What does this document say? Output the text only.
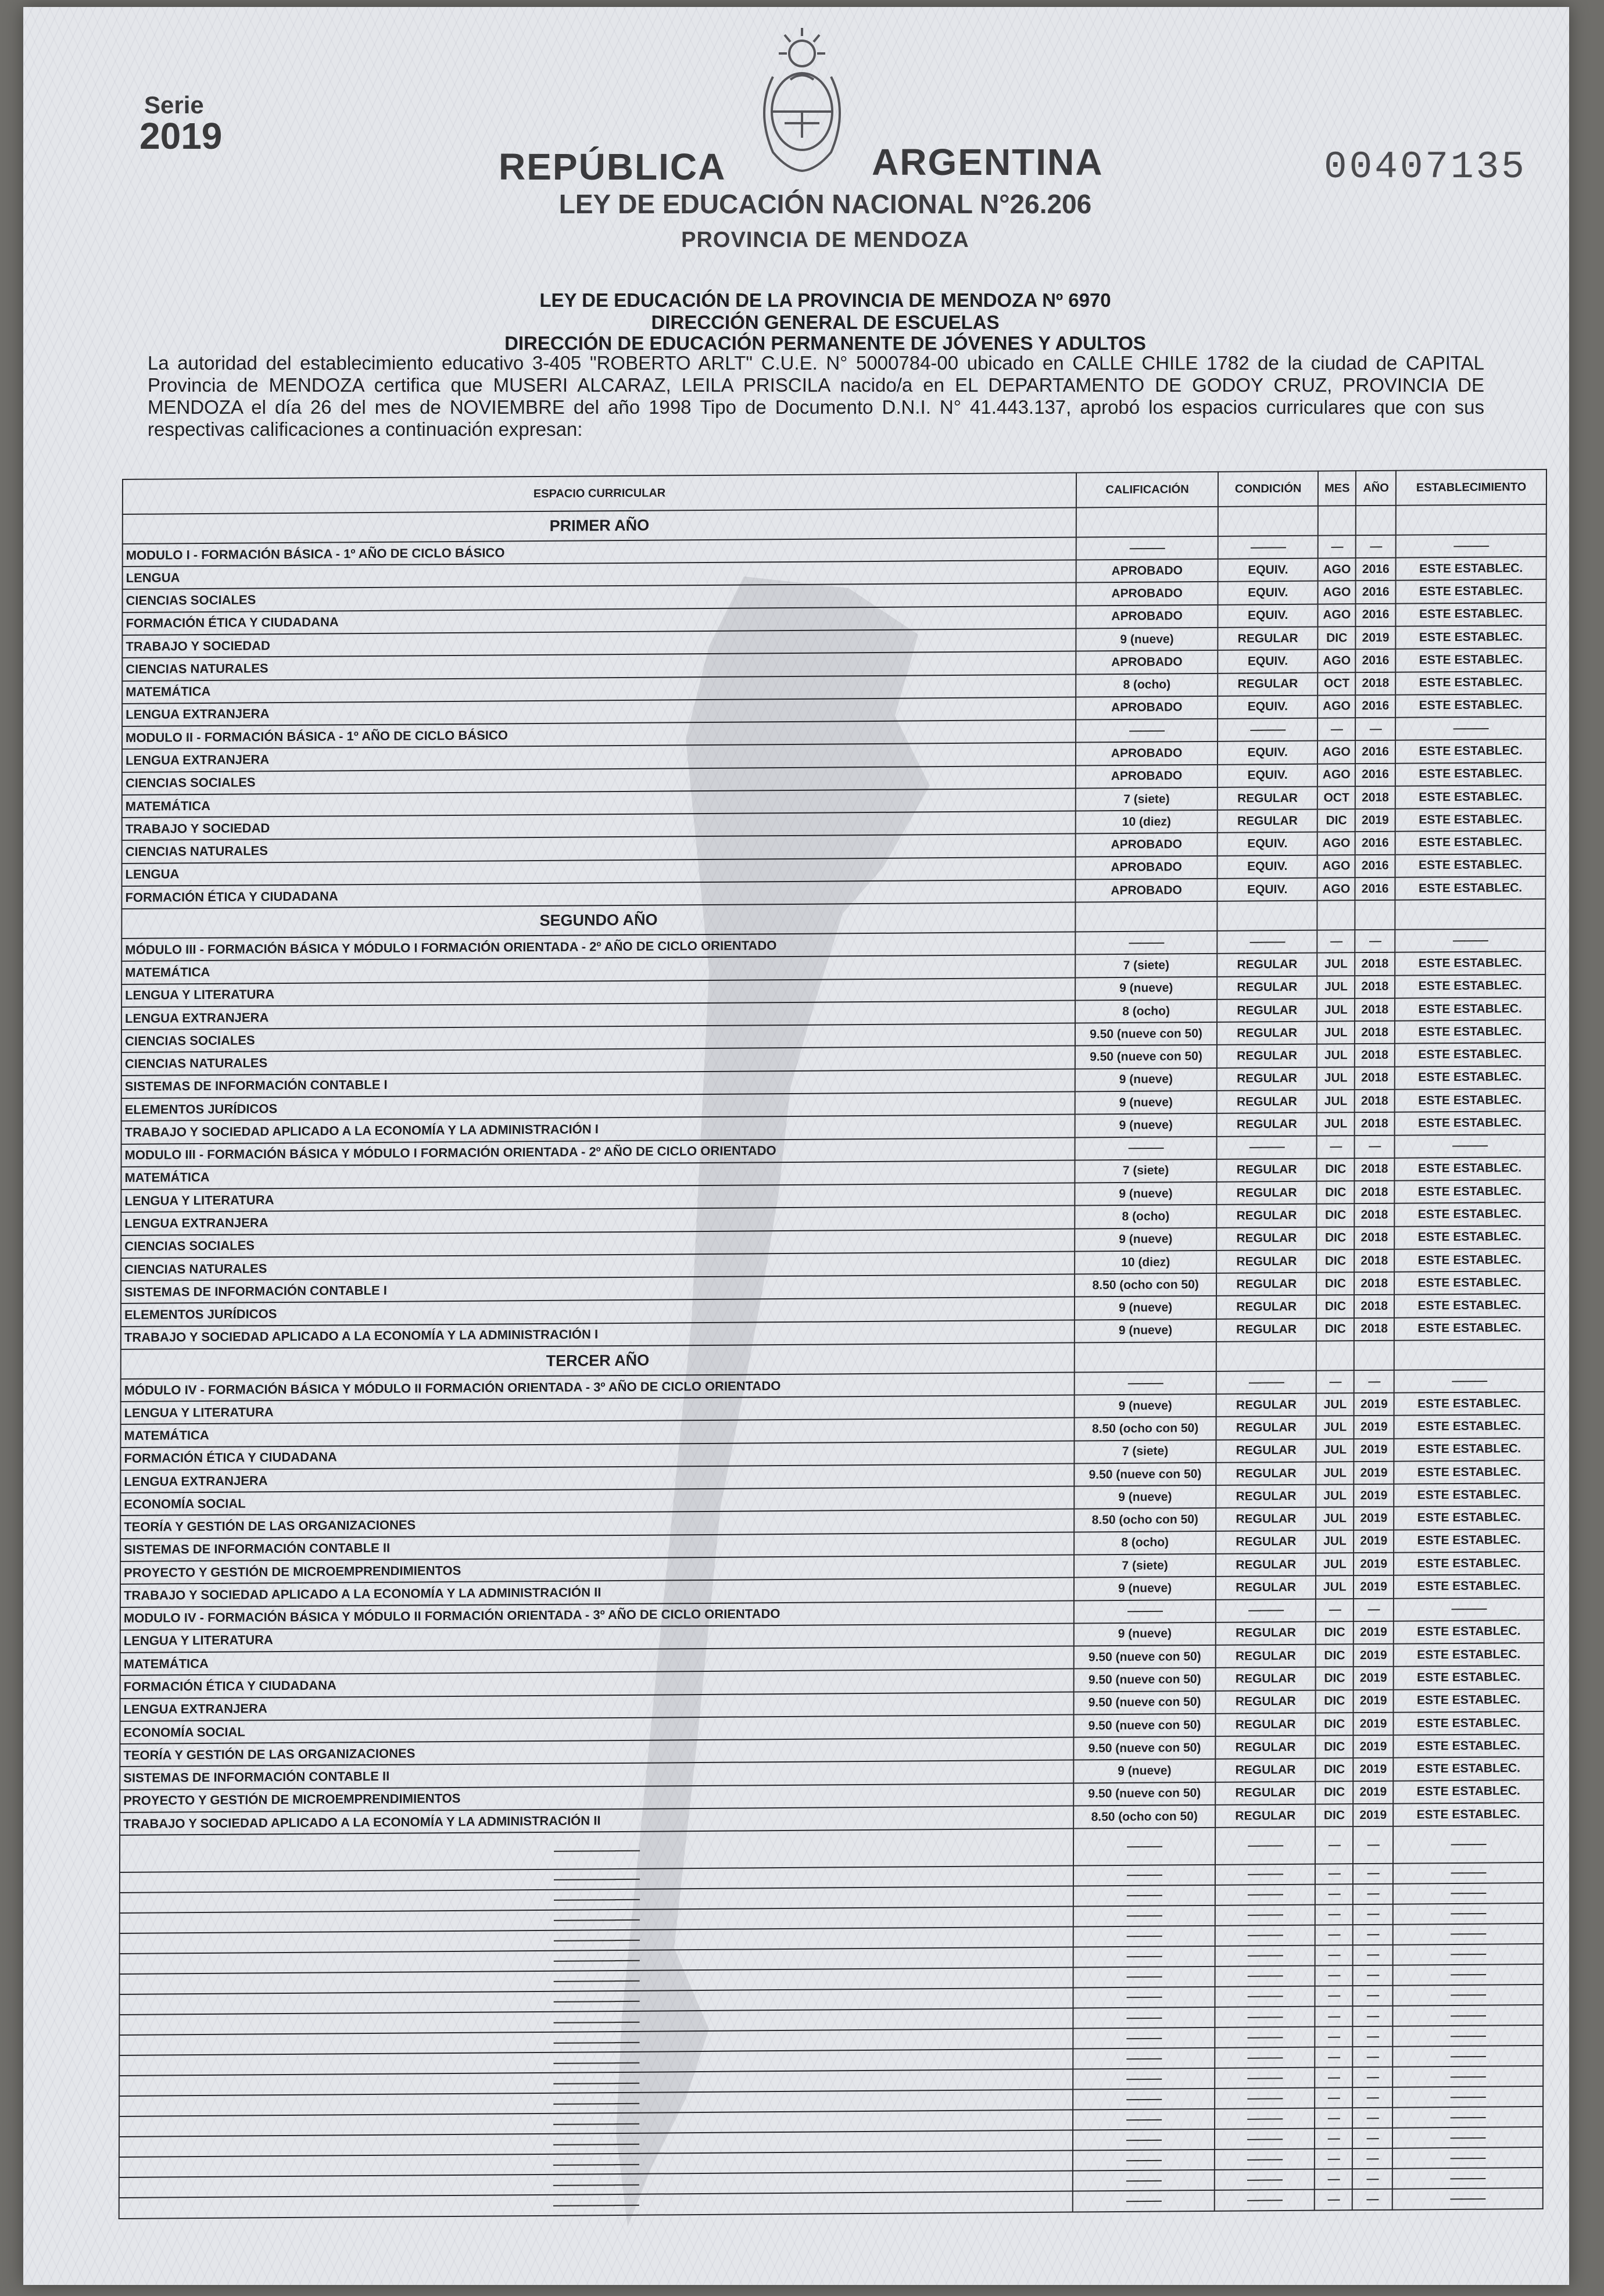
Serie
2019
REPÚBLICA	ARGENTINA	00407135
LEY DE EDUCACIÓN NACIONAL N°26.206
PROVINCIA DE MENDOZA
LEY DE EDUCACIÓN DE LA PROVINCIA DE MENDOZA Nº 6970
DIRECCIÓN GENERAL DE ESCUELAS
DIRECCIÓN DE EDUCACIÓN PERMANENTE DE JÓVENES Y ADULTOS
La autoridad del establecimiento educativo 3-405 "ROBERTO ARLT" C.U.E. N° 5000784-00 ubicado en CALLE CHILE 1782 de la ciudad de CAPITAL Provincia de MENDOZA certifica que MUSERI ALCARAZ, LEILA PRISCILA nacido/a en EL DEPARTAMENTO DE GODOY CRUZ, PROVINCIA DE MENDOZA el día 26 del mes de NOVIEMBRE del año 1998 Tipo de Documento D.N.I. N° 41.443.137, aprobó los espacios curriculares que con sus respectivas calificaciones a continuación expresan:
ESPACIO CURRICULAR	CALIFICACIÓN	CONDICIÓN	MES	AÑO	ESTABLECIMIENTO
PRIMER AÑO					
MODULO I - FORMACIÓN BÁSICA - 1º AÑO DE CICLO BÁSICO	———	———	—	—	———
LENGUA	APROBADO	EQUIV.	AGO	2016	ESTE ESTABLEC.
CIENCIAS SOCIALES	APROBADO	EQUIV.	AGO	2016	ESTE ESTABLEC.
FORMACIÓN ÉTICA Y CIUDADANA	APROBADO	EQUIV.	AGO	2016	ESTE ESTABLEC.
TRABAJO Y SOCIEDAD	9 (nueve)	REGULAR	DIC	2019	ESTE ESTABLEC.
CIENCIAS NATURALES	APROBADO	EQUIV.	AGO	2016	ESTE ESTABLEC.
MATEMÁTICA	8 (ocho)	REGULAR	OCT	2018	ESTE ESTABLEC.
LENGUA EXTRANJERA	APROBADO	EQUIV.	AGO	2016	ESTE ESTABLEC.
MODULO II - FORMACIÓN BÁSICA - 1º AÑO DE CICLO BÁSICO	———	———	—	—	———
LENGUA EXTRANJERA	APROBADO	EQUIV.	AGO	2016	ESTE ESTABLEC.
CIENCIAS SOCIALES	APROBADO	EQUIV.	AGO	2016	ESTE ESTABLEC.
MATEMÁTICA	7 (siete)	REGULAR	OCT	2018	ESTE ESTABLEC.
TRABAJO Y SOCIEDAD	10 (diez)	REGULAR	DIC	2019	ESTE ESTABLEC.
CIENCIAS NATURALES	APROBADO	EQUIV.	AGO	2016	ESTE ESTABLEC.
LENGUA	APROBADO	EQUIV.	AGO	2016	ESTE ESTABLEC.
FORMACIÓN ÉTICA Y CIUDADANA	APROBADO	EQUIV.	AGO	2016	ESTE ESTABLEC.
SEGUNDO AÑO					
MÓDULO III - FORMACIÓN BÁSICA Y MÓDULO I FORMACIÓN ORIENTADA - 2º AÑO DE CICLO ORIENTADO	———	———	—	—	———
MATEMÁTICA	7 (siete)	REGULAR	JUL	2018	ESTE ESTABLEC.
LENGUA Y LITERATURA	9 (nueve)	REGULAR	JUL	2018	ESTE ESTABLEC.
LENGUA EXTRANJERA	8 (ocho)	REGULAR	JUL	2018	ESTE ESTABLEC.
CIENCIAS SOCIALES	9.50 (nueve con 50)	REGULAR	JUL	2018	ESTE ESTABLEC.
CIENCIAS NATURALES	9.50 (nueve con 50)	REGULAR	JUL	2018	ESTE ESTABLEC.
SISTEMAS DE INFORMACIÓN CONTABLE I	9 (nueve)	REGULAR	JUL	2018	ESTE ESTABLEC.
ELEMENTOS JURÍDICOS	9 (nueve)	REGULAR	JUL	2018	ESTE ESTABLEC.
TRABAJO Y SOCIEDAD APLICADO A LA ECONOMÍA Y LA ADMINISTRACIÓN I	9 (nueve)	REGULAR	JUL	2018	ESTE ESTABLEC.
MODULO III - FORMACIÓN BÁSICA Y MÓDULO I FORMACIÓN ORIENTADA - 2º AÑO DE CICLO ORIENTADO	———	———	—	—	———
MATEMÁTICA	7 (siete)	REGULAR	DIC	2018	ESTE ESTABLEC.
LENGUA Y LITERATURA	9 (nueve)	REGULAR	DIC	2018	ESTE ESTABLEC.
LENGUA EXTRANJERA	8 (ocho)	REGULAR	DIC	2018	ESTE ESTABLEC.
CIENCIAS SOCIALES	9 (nueve)	REGULAR	DIC	2018	ESTE ESTABLEC.
CIENCIAS NATURALES	10 (diez)	REGULAR	DIC	2018	ESTE ESTABLEC.
SISTEMAS DE INFORMACIÓN CONTABLE I	8.50 (ocho con 50)	REGULAR	DIC	2018	ESTE ESTABLEC.
ELEMENTOS JURÍDICOS	9 (nueve)	REGULAR	DIC	2018	ESTE ESTABLEC.
TRABAJO Y SOCIEDAD APLICADO A LA ECONOMÍA Y LA ADMINISTRACIÓN I	9 (nueve)	REGULAR	DIC	2018	ESTE ESTABLEC.
TERCER AÑO					
MÓDULO IV - FORMACIÓN BÁSICA Y MÓDULO II FORMACIÓN ORIENTADA - 3º AÑO DE CICLO ORIENTADO	———	———	—	—	———
LENGUA Y LITERATURA	9 (nueve)	REGULAR	JUL	2019	ESTE ESTABLEC.
MATEMÁTICA	8.50 (ocho con 50)	REGULAR	JUL	2019	ESTE ESTABLEC.
FORMACIÓN ÉTICA Y CIUDADANA	7 (siete)	REGULAR	JUL	2019	ESTE ESTABLEC.
LENGUA EXTRANJERA	9.50 (nueve con 50)	REGULAR	JUL	2019	ESTE ESTABLEC.
ECONOMÍA SOCIAL	9 (nueve)	REGULAR	JUL	2019	ESTE ESTABLEC.
TEORÍA Y GESTIÓN DE LAS ORGANIZACIONES	8.50 (ocho con 50)	REGULAR	JUL	2019	ESTE ESTABLEC.
SISTEMAS DE INFORMACIÓN CONTABLE II	8 (ocho)	REGULAR	JUL	2019	ESTE ESTABLEC.
PROYECTO Y GESTIÓN DE MICROEMPRENDIMIENTOS	7 (siete)	REGULAR	JUL	2019	ESTE ESTABLEC.
TRABAJO Y SOCIEDAD APLICADO A LA ECONOMÍA Y LA ADMINISTRACIÓN II	9 (nueve)	REGULAR	JUL	2019	ESTE ESTABLEC.
MODULO IV - FORMACIÓN BÁSICA Y MÓDULO II FORMACIÓN ORIENTADA - 3º AÑO DE CICLO ORIENTADO	———	———	—	—	———
LENGUA Y LITERATURA	9 (nueve)	REGULAR	DIC	2019	ESTE ESTABLEC.
MATEMÁTICA	9.50 (nueve con 50)	REGULAR	DIC	2019	ESTE ESTABLEC.
FORMACIÓN ÉTICA Y CIUDADANA	9.50 (nueve con 50)	REGULAR	DIC	2019	ESTE ESTABLEC.
LENGUA EXTRANJERA	9.50 (nueve con 50)	REGULAR	DIC	2019	ESTE ESTABLEC.
ECONOMÍA SOCIAL	9.50 (nueve con 50)	REGULAR	DIC	2019	ESTE ESTABLEC.
TEORÍA Y GESTIÓN DE LAS ORGANIZACIONES	9.50 (nueve con 50)	REGULAR	DIC	2019	ESTE ESTABLEC.
SISTEMAS DE INFORMACIÓN CONTABLE II	9 (nueve)	REGULAR	DIC	2019	ESTE ESTABLEC.
PROYECTO Y GESTIÓN DE MICROEMPRENDIMIENTOS	9.50 (nueve con 50)	REGULAR	DIC	2019	ESTE ESTABLEC.
TRABAJO Y SOCIEDAD APLICADO A LA ECONOMÍA Y LA ADMINISTRACIÓN II	8.50 (ocho con 50)	REGULAR	DIC	2019	ESTE ESTABLEC.
———————	———	———	—	—	———
———————	———	———	—	—	———
———————	———	———	—	—	———
———————	———	———	—	—	———
———————	———	———	—	—	———
———————	———	———	—	—	———
———————	———	———	—	—	———
———————	———	———	—	—	———
———————	———	———	—	—	———
———————	———	———	—	—	———
———————	———	———	—	—	———
———————	———	———	—	—	———
———————	———	———	—	—	———
———————	———	———	—	—	———
———————	———	———	—	—	———
———————	———	———	—	—	———
———————	———	———	—	—	———
———————	———	———	—	—	———
